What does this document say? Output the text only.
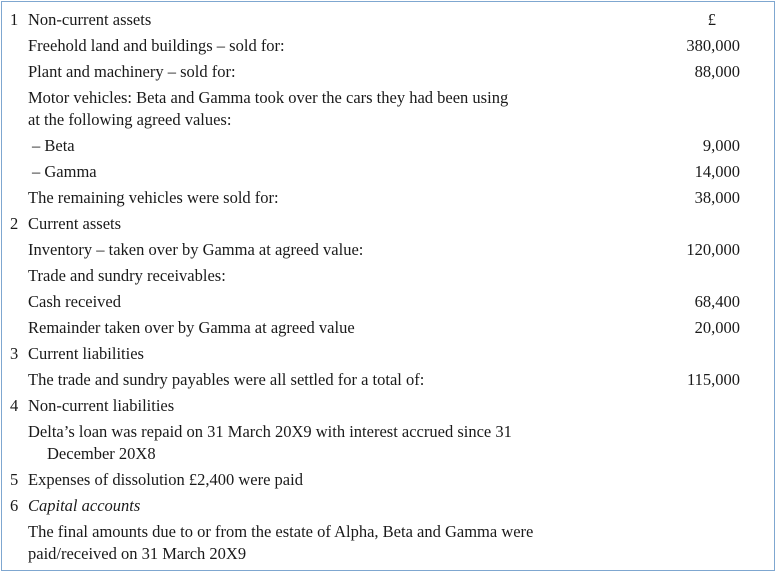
1 Non-current assets	£
Freehold land and buildings – sold for:	380,000
Plant and machinery – sold for:	88,000
Motor vehicles: Beta and Gamma took over the cars they had been using
at the following agreed values:
– Beta	9,000
– Gamma	14,000
The remaining vehicles were sold for:	38,000
2 Current assets
Inventory – taken over by Gamma at agreed value:	120,000
Trade and sundry receivables:
Cash received	68,400
Remainder taken over by Gamma at agreed value	20,000
3 Current liabilities
The trade and sundry payables were all settled for a total of:	115,000
4 Non-current liabilities
Delta’s loan was repaid on 31 March 20X9 with interest accrued since 31
December 20X8
5 Expenses of dissolution £2,400 were paid
6 Capital accounts
The final amounts due to or from the estate of Alpha, Beta and Gamma were
paid/received on 31 March 20X9
